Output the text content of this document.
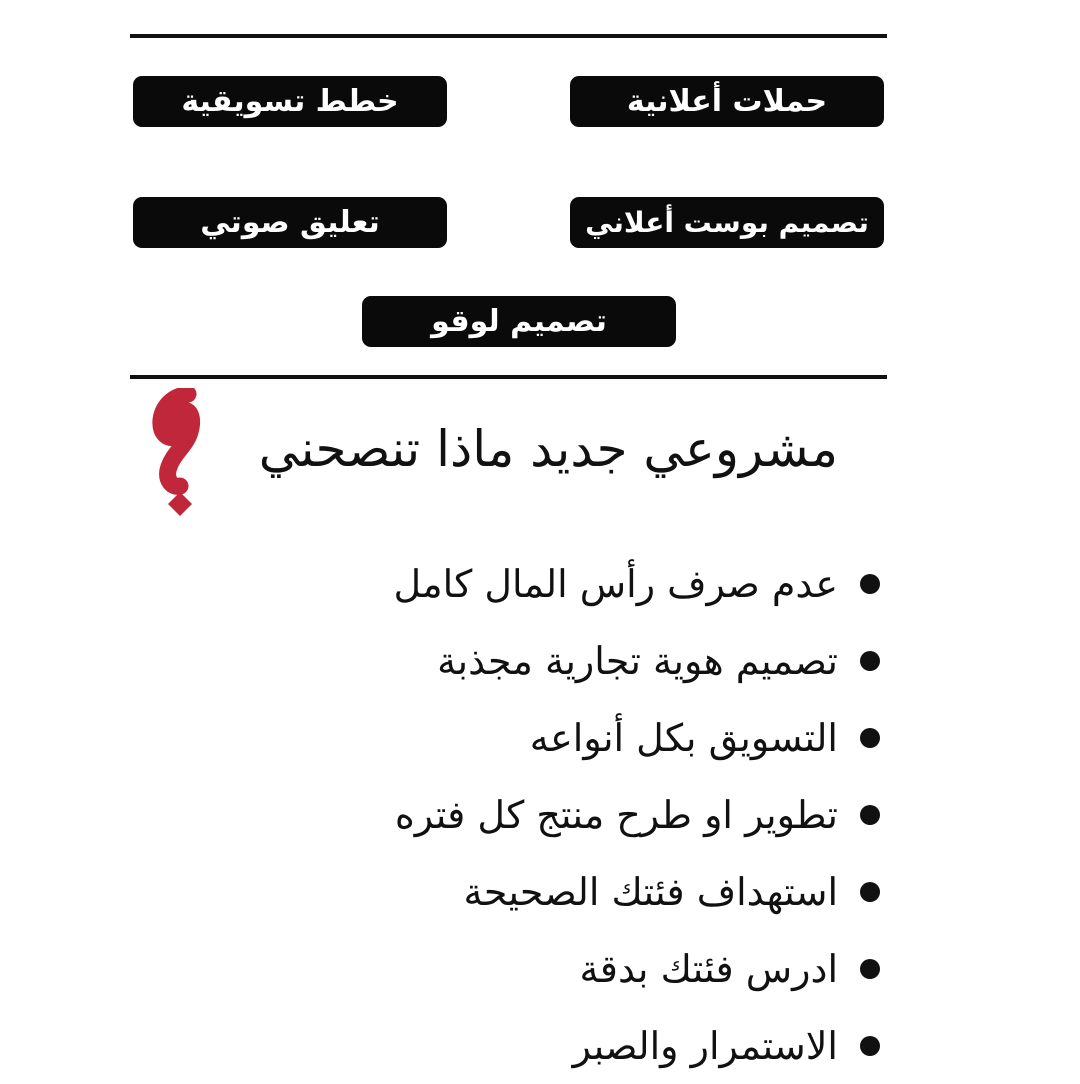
خطط تسويقية	حملات أعلانية
تعليق صوتي	تصميم بوست أعلاني
تصميم لوقو
مشروعي جديد ماذا تنصحني
عدم صرف رأس المال كامل
تصميم هوية تجارية مجذبة
التسويق بكل أنواعه
تطوير او طرح منتج كل فتره
استهداف فئتك الصحيحة
ادرس فئتك بدقة
الاستمرار والصبر
